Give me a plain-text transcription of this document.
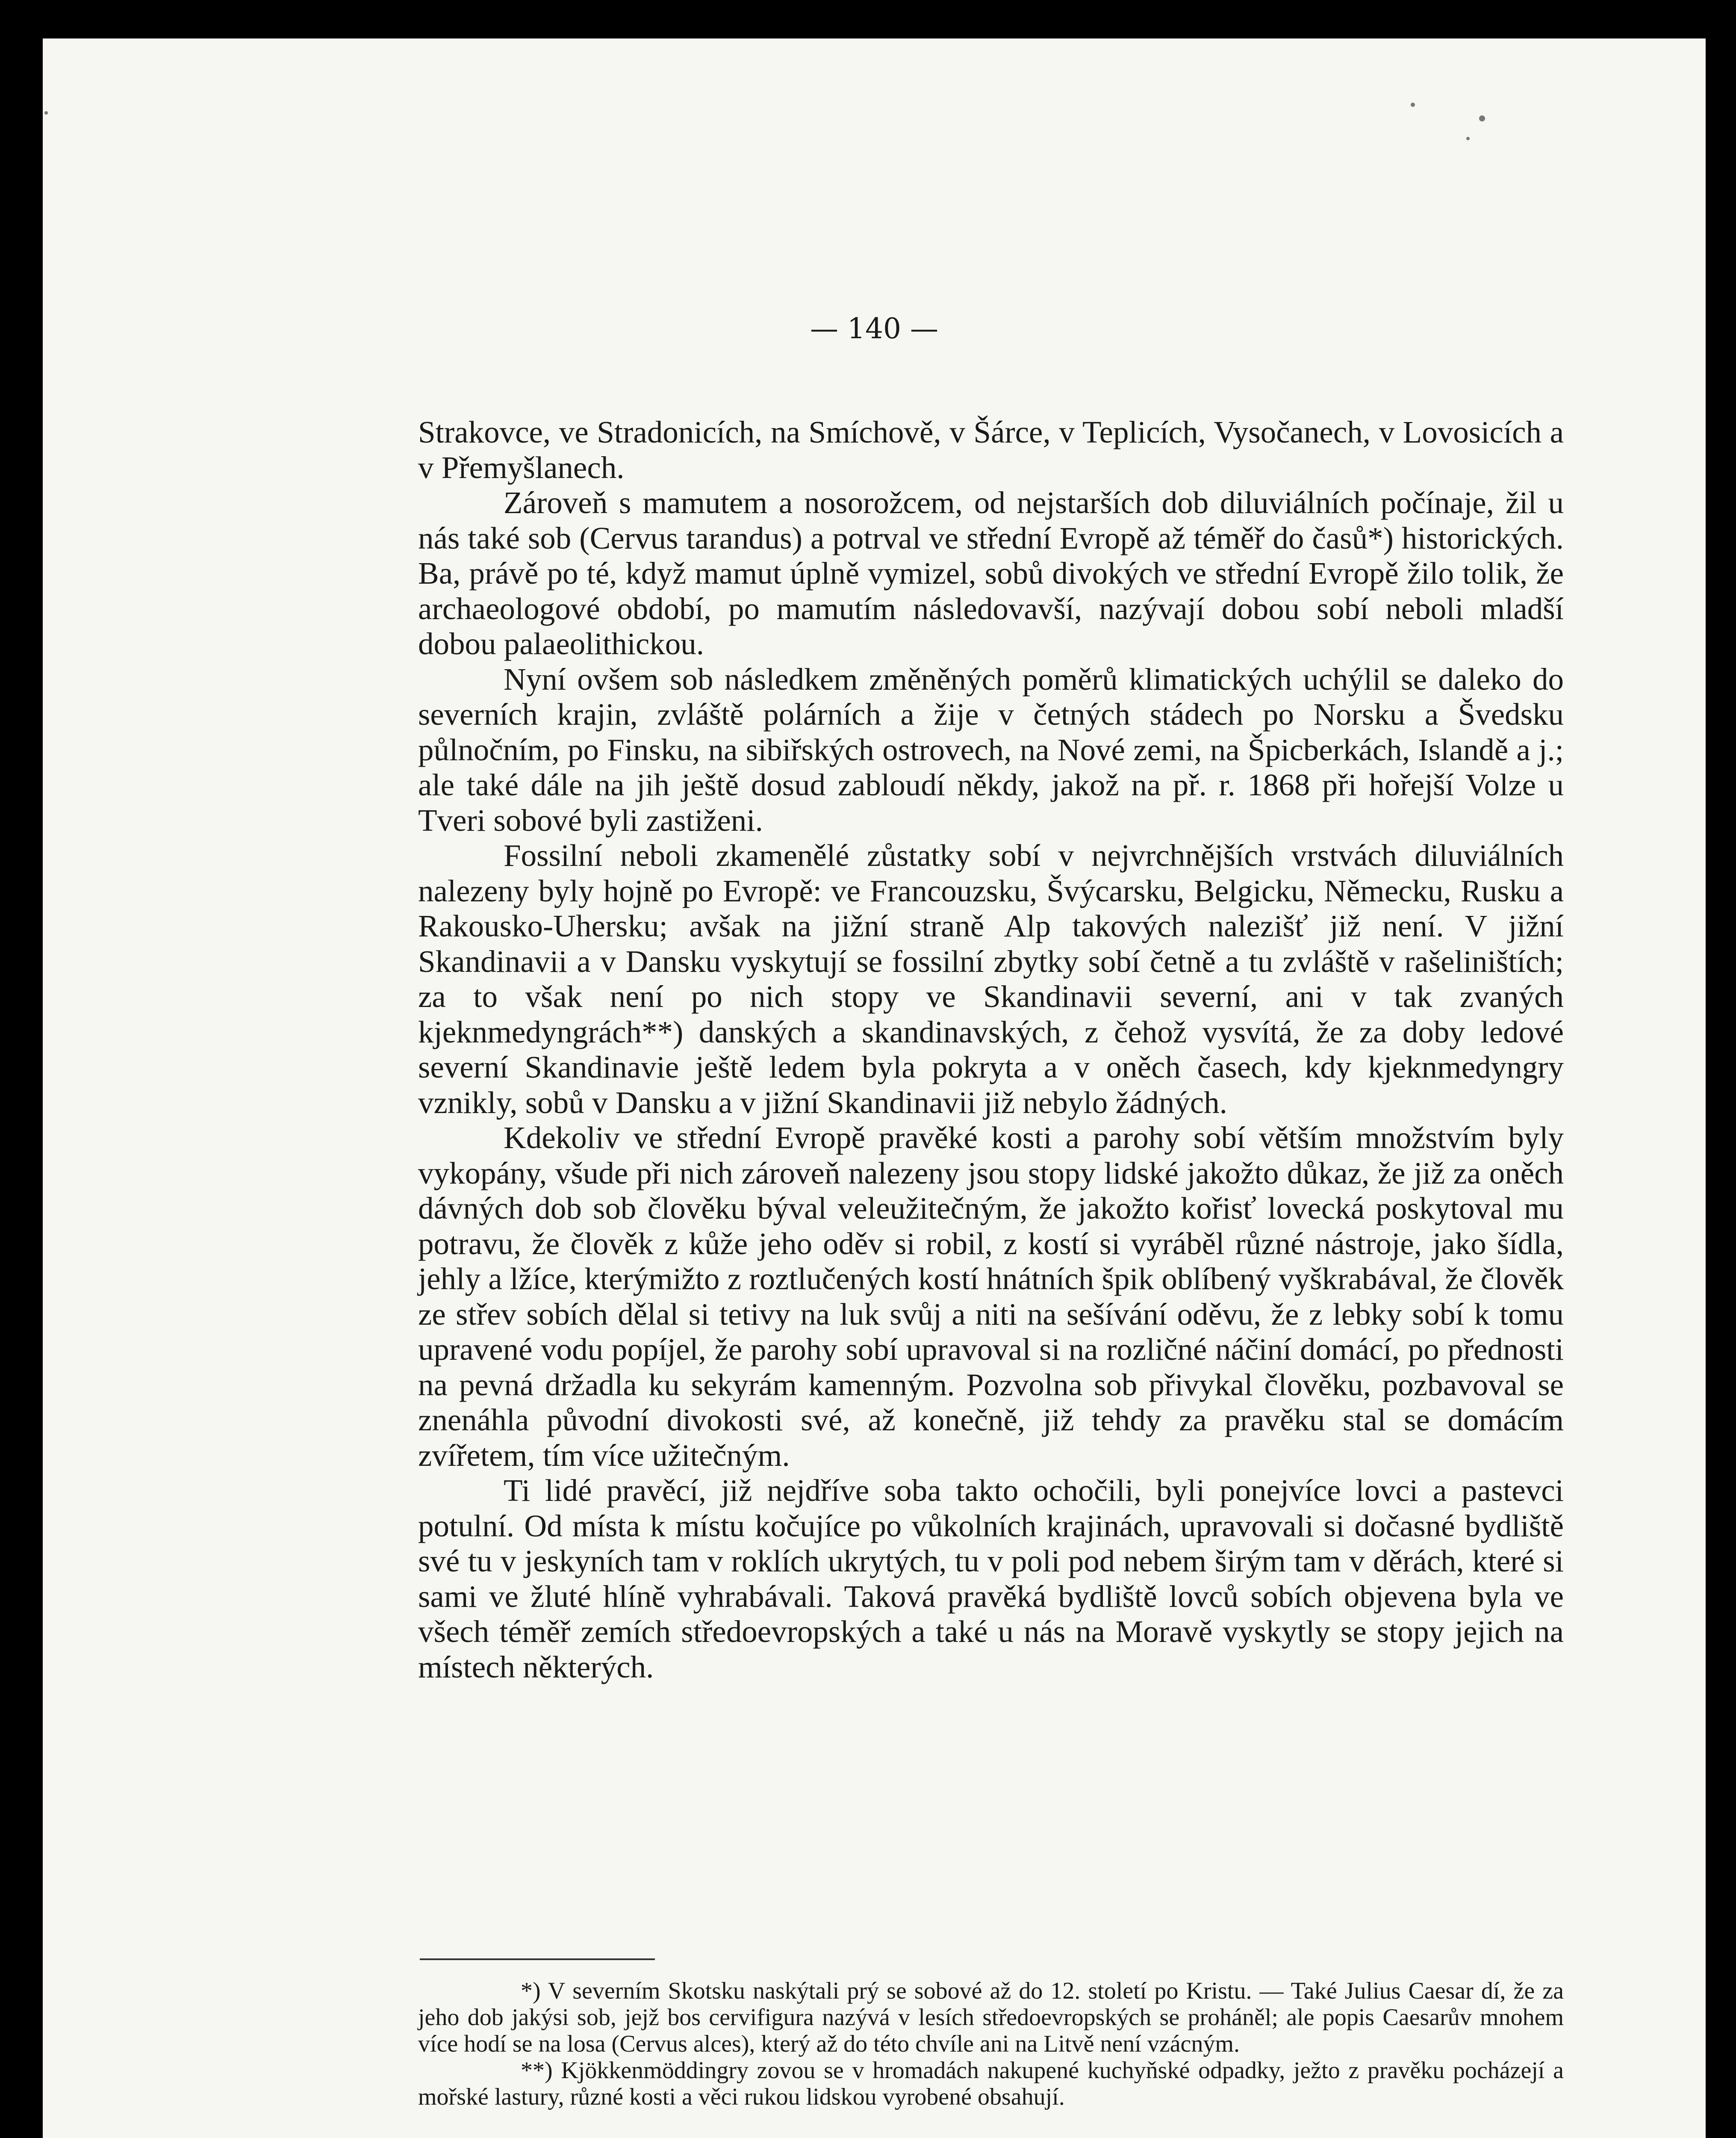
— 140 —

Strakovce, ve Stradonicích, na Smíchově, v Šárce, v Teplicích, Vysočanech, v Lovosicích a v Přemyšlanech.

Zároveň s mamutem a nosorožcem, od nejstarších dob diluviálních počínaje, žil u nás také sob (Cervus tarandus) a potrval ve střední Evropě až téměř do časů*) historických. Ba, právě po té, když mamut úplně vymizel, sobů divokých ve střední Evropě žilo tolik, že archaeologové období, po mamutím následovavší, nazývají dobou sobí neboli mladší dobou palaeolithickou.

Nyní ovšem sob následkem změněných poměrů klimatických uchýlil se daleko do severních krajin, zvláště polárních a žije v četných stádech po Norsku a Švedsku půlnočním, po Finsku, na sibiřských ostrovech, na Nové zemi, na Špicberkách, Islandě a j.; ale také dále na jih ještě dosud zabloudí někdy, jakož na př. r. 1868 při hořejší Volze u Tveri sobové byli zastiženi.

Fossilní neboli zkamenělé zůstatky sobí v nejvrchnějších vrstvách diluviálních nalezeny byly hojně po Evropě: ve Francouzsku, Švýcarsku, Belgicku, Německu, Rusku a Rakousko-Uhersku; avšak na jižní straně Alp takových nalezišť již není. V jižní Skandinavii a v Dansku vyskytují se fossilní zbytky sobí četně a tu zvláště v rašeliništích; za to však není po nich stopy ve Skandinavii severní, ani v tak zvaných kjeknmedyngrách**) danských a skandinavských, z čehož vysvítá, že za doby ledové severní Skandinavie ještě ledem byla pokryta a v oněch časech, kdy kjeknmedyngry vznikly, sobů v Dansku a v jižní Skandinavii již nebylo žádných.

Kdekoliv ve střední Evropě pravěké kosti a parohy sobí větším množstvím byly vykopány, všude při nich zároveň nalezeny jsou stopy lidské jakožto důkaz, že již za oněch dávných dob sob člověku býval veleužitečným, že jakožto kořisť lovecká poskytoval mu potravu, že člověk z kůže jeho oděv si robil, z kostí si vyráběl různé nástroje, jako šídla, jehly a lžíce, kterýmižto z roztlučených kostí hnátních špik oblíbený vyškrabával, že člověk ze střev sobích dělal si tetivy na luk svůj a niti na sešívání oděvu, že z lebky sobí k tomu upravené vodu popíjel, že parohy sobí upravoval si na rozličné náčiní domácí, po přednosti na pevná držadla ku sekyrám kamenným. Pozvolna sob přivykal člověku, pozbavoval se znenáhla původní divokosti své, až konečně, již tehdy za pravěku stal se domácím zvířetem, tím více užitečným.

Ti lidé pravěcí, již nejdříve soba takto ochočili, byli ponejvíce lovci a pastevci potulní. Od místa k místu kočujíce po vůkolních krajinách, upravovali si dočasné bydliště své tu v jeskyních tam v roklích ukrytých, tu v poli pod nebem širým tam v děrách, které si sami ve žluté hlíně vyhrabávali. Taková pravěká bydliště lovců sobích objevena byla ve všech téměř zemích středoevropských a také u nás na Moravě vyskytly se stopy jejich na místech některých.

*) V severním Skotsku naskýtali prý se sobové až do 12. století po Kristu. — Také Julius Caesar dí, že za jeho dob jakýsi sob, jejž bos cervifigura nazývá v lesích středoevropských se proháněl; ale popis Caesarův mnohem více hodí se na losa (Cervus alces), který až do této chvíle ani na Litvě není vzácným.

**) Kjökkenmöddingry zovou se v hromadách nakupené kuchyňské odpadky, ježto z pravěku pocházejí a mořské lastury, různé kosti a věci rukou lidskou vyrobené obsahují.
